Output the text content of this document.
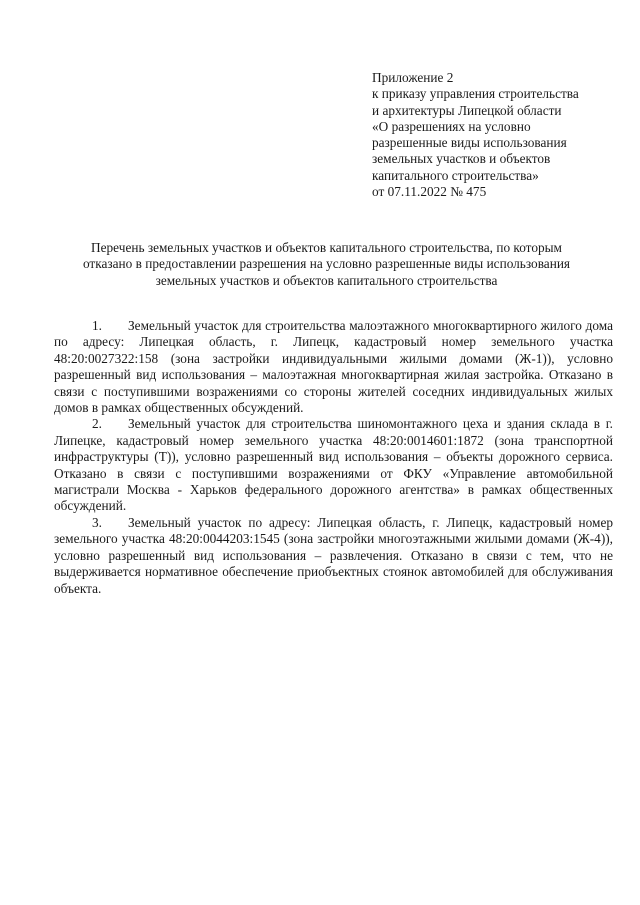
Приложение 2
к приказу управления строительства
и архитектуры Липецкой области
«О разрешениях на условно
разрешенные виды использования
земельных участков и объектов
капитального строительства»
от 07.11.2022 № 475
Перечень земельных участков и объектов капитального строительства, по которым
отказано в предоставлении разрешения на условно разрешенные виды использования
земельных участков и объектов капитального строительства

1. Земельный участок для строительства малоэтажного многоквартирного жилого дома по адресу: Липецкая область, г. Липецк, кадастровый номер земельного участка 48:20:0027322:158 (зона застройки индивидуальными жилыми домами (Ж-1)), условно разрешенный вид использования – малоэтажная многоквартирная жилая застройка. Отказано в связи с поступившими возражениями со стороны жителей соседних индивидуальных жилых домов в рамках общественных обсуждений.

2. Земельный участок для строительства шиномонтажного цеха и здания склада в г. Липецке, кадастровый номер земельного участка 48:20:0014601:1872 (зона транспортной инфраструктуры (Т)), условно разрешенный вид использования – объекты дорожного сервиса. Отказано в связи с поступившими возражениями от ФКУ «Управление автомобильной магистрали Москва - Харьков федерального дорожного агентства» в рамках общественных обсуждений.

3. Земельный участок по адресу: Липецкая область, г. Липецк, кадастровый номер земельного участка 48:20:0044203:1545 (зона застройки многоэтажными жилыми домами (Ж-4)), условно разрешенный вид использования – развлечения. Отказано в связи с тем, что не выдерживается нормативное обеспечение приобъектных стоянок автомобилей для обслуживания объекта.
